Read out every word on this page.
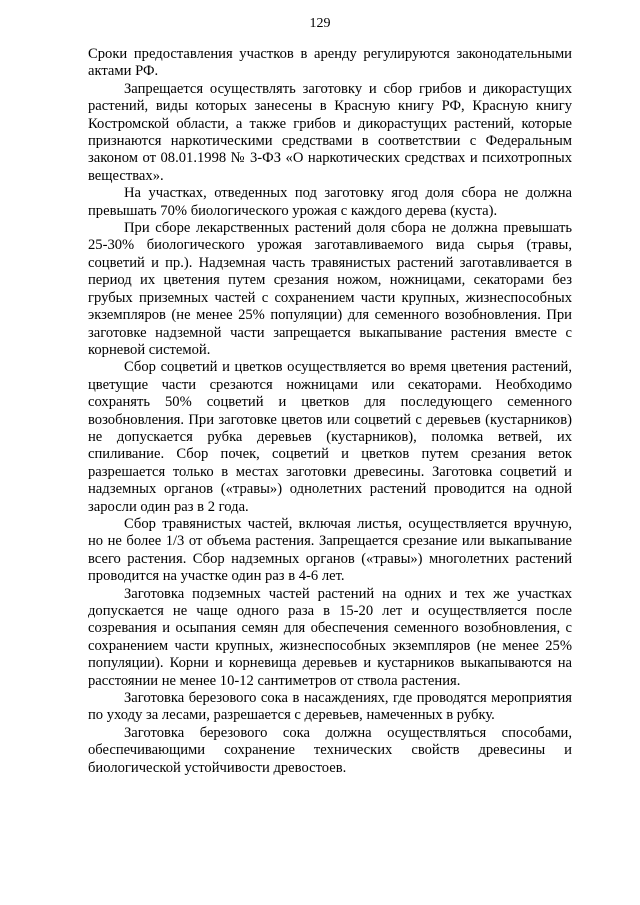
129

Сроки предоставления участков в аренду регулируются законодательными актами РФ.

Запрещается осуществлять заготовку и сбор грибов и дикорастущих растений, виды которых занесены в Красную книгу РФ, Красную книгу Костромской области, а также грибов и дикорастущих растений, которые признаются наркотическими средствами в соответствии с Федеральным законом от 08.01.1998 № 3-ФЗ «О наркотических средствах и психотропных веществах».

На участках, отведенных под заготовку ягод доля сбора не должна превышать 70% биологического урожая с каждого дерева (куста).

При сборе лекарственных растений доля сбора не должна превышать 25-30% биологического урожая заготавливаемого вида сырья (травы, соцветий и пр.). Надземная часть травянистых растений заготавливается в период их цветения путем срезания ножом, ножницами, секаторами без грубых приземных частей с сохранением части крупных, жизнеспособных экземпляров (не менее 25% популяции) для семенного возобновления. При заготовке надземной части запрещается выкапывание растения вместе с корневой системой.

Сбор соцветий и цветков осуществляется во время цветения растений, цветущие части срезаются ножницами или секаторами. Необходимо сохранять 50% соцветий и цветков для последующего семенного возобновления. При заготовке цветов или соцветий с деревьев (кустарников) не допускается рубка деревьев (кустарников), поломка ветвей, их спиливание. Сбор почек, соцветий и цветков путем срезания веток разрешается только в местах заготовки древесины. Заготовка соцветий и надземных органов («травы») однолетних растений проводится на одной заросли один раз в 2 года.

Сбор травянистых частей, включая листья, осуществляется вручную, но не более 1/3 от объема растения. Запрещается срезание или выкапывание всего растения. Сбор надземных органов («травы») многолетних растений проводится на участке один раз в 4-6 лет.

Заготовка подземных частей растений на одних и тех же участках допускается не чаще одного раза в 15-20 лет и осуществляется после созревания и осыпания семян для обеспечения семенного возобновления, с сохранением части крупных, жизнеспособных экземпляров (не менее 25% популяции). Корни и корневища деревьев и кустарников выкапываются на расстоянии не менее 10-12 сантиметров от ствола растения.

Заготовка березового сока в насаждениях, где проводятся мероприятия по уходу за лесами, разрешается с деревьев, намеченных в рубку.

Заготовка березового сока должна осуществляться способами, обеспечивающими сохранение технических свойств древесины и биологической устойчивости древостоев.
